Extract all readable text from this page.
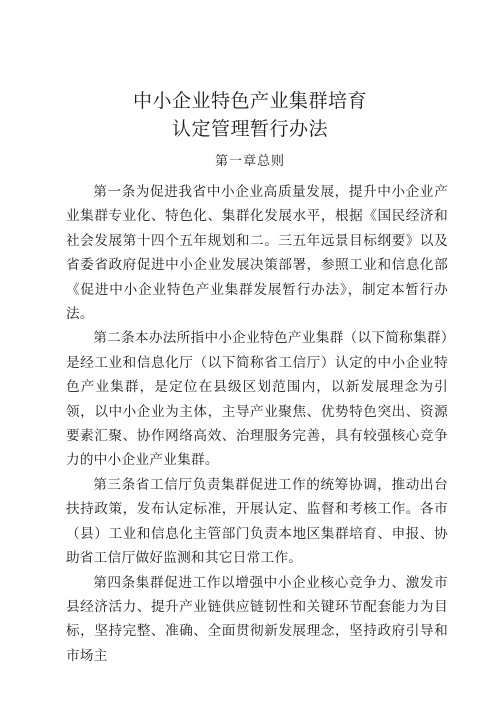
中小企业特色产业集群培育
认定管理暂行办法
第一章总则

第一条为促进我省中小企业高质量发展，提升中小企业产业集群专业化、特色化、集群化发展水平，根据《国民经济和社会发展第十四个五年规划和二。三五年远景目标纲要》以及省委省政府促进中小企业发展决策部署，参照工业和信息化部《促进中小企业特色产业集群发展暂行办法》，制定本暂行办法。

第二条本办法所指中小企业特色产业集群（以下简称集群）是经工业和信息化厅（以下简称省工信厅）认定的中小企业特色产业集群，是定位在县级区划范围内，以新发展理念为引领，以中小企业为主体，主导产业聚焦、优势特色突出、资源要素汇聚、协作网络高效、治理服务完善，具有较强核心竞争力的中小企业产业集群。

第三条省工信厅负责集群促进工作的统筹协调，推动出台扶持政策，发布认定标准，开展认定、监督和考核工作。各市（县）工业和信息化主管部门负责本地区集群培育、申报、协助省工信厅做好监测和其它日常工作。

第四条集群促进工作以增强中小企业核心竞争力、激发市县经济活力、提升产业链供应链韧性和关键环节配套能力为目标，坚持完整、准确、全面贯彻新发展理念，坚持政府引导和市场主
